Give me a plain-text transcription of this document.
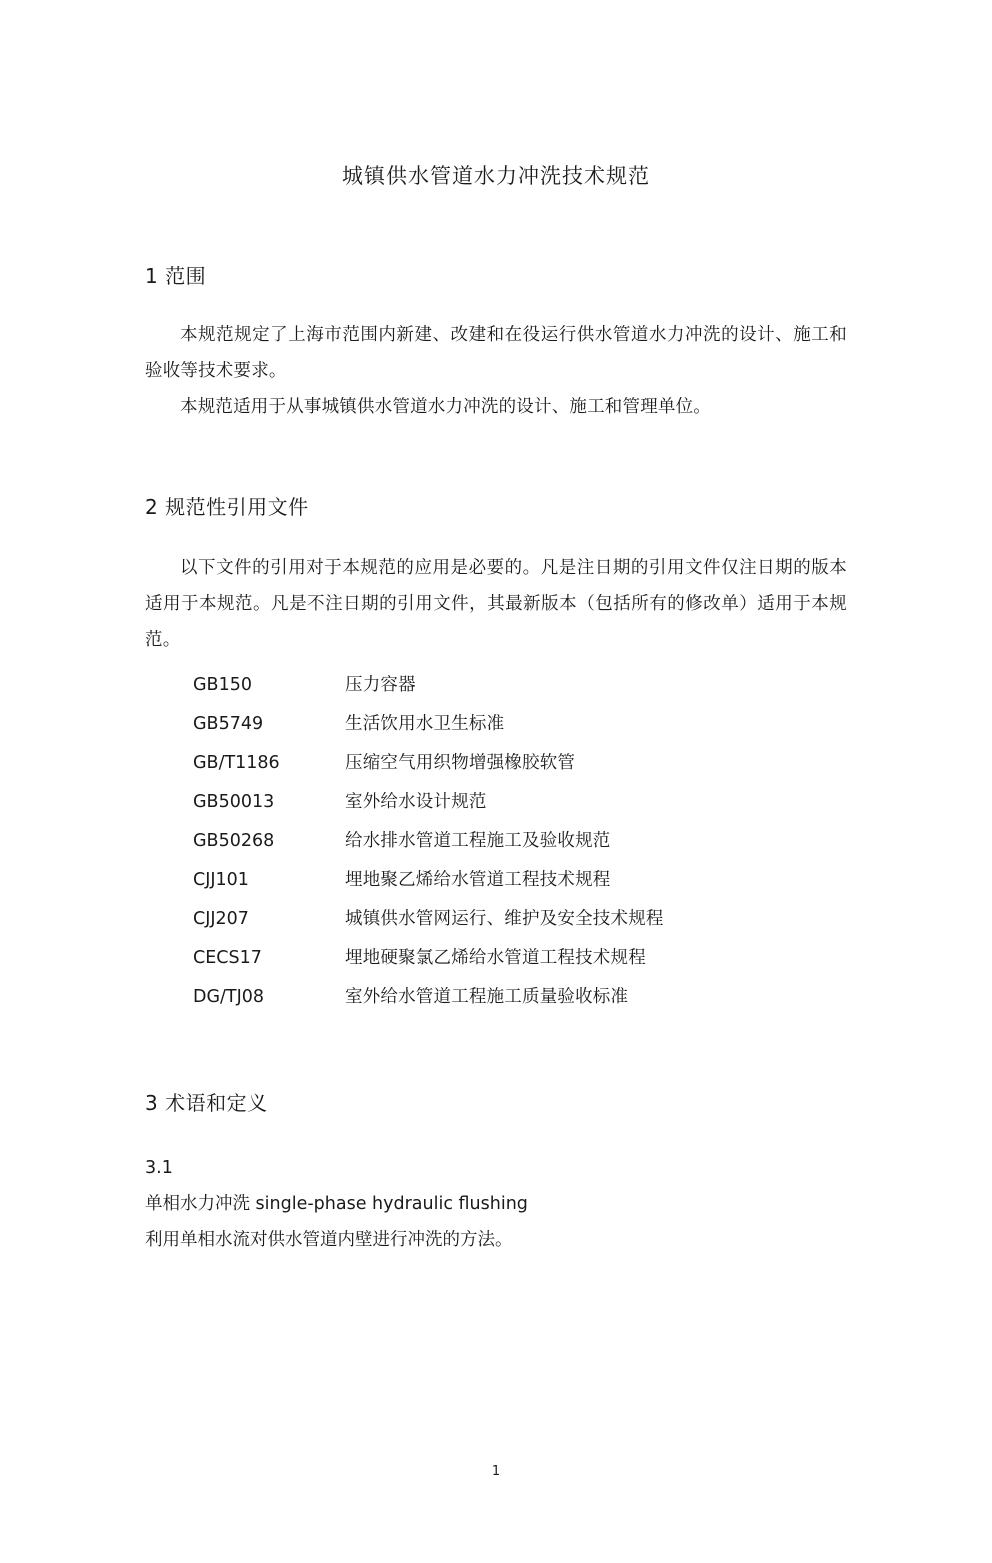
城镇供水管道水力冲洗技术规范
1 范围

本规范规定了上海市范围内新建、改建和在役运行供水管道水力冲洗的设计、施工和验收等技术要求。

本规范适用于从事城镇供水管道水力冲洗的设计、施工和管理单位。

2 规范性引用文件

以下文件的引用对于本规范的应用是必要的。凡是注日期的引用文件仅注日期的版本适用于本规范。凡是不注日期的引用文件，其最新版本（包括所有的修改单）适用于本规范。

GB150	压力容器
GB5749	生活饮用水卫生标准
GB/T1186	压缩空气用织物增强橡胶软管
GB50013	室外给水设计规范
GB50268	给水排水管道工程施工及验收规范
CJJ101	埋地聚乙烯给水管道工程技术规程
CJJ207	城镇供水管网运行、维护及安全技术规程
CECS17	埋地硬聚氯乙烯给水管道工程技术规程
DG/TJ08	室外给水管道工程施工质量验收标准
3 术语和定义
3.1
单相水力冲洗 single-phase hydraulic flushing
利用单相水流对供水管道内壁进行冲洗的方法。
1
